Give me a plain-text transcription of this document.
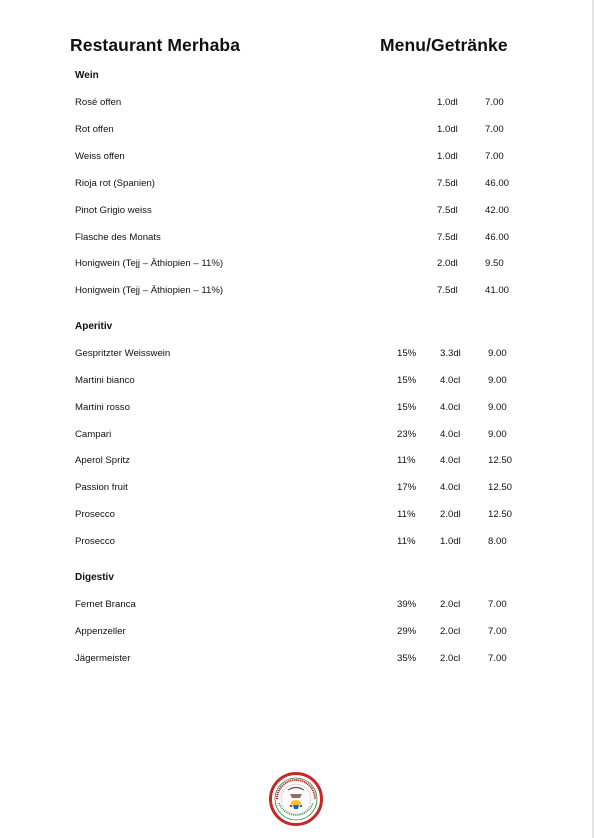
Restaurant Merhaba	Menu/Getränke
Wein
Rosé offen	1.0dl	7.00
Rot offen	1.0dl	7.00
Weiss offen	1.0dl	7.00
Rioja rot (Spanien)	7.5dl	46.00
Pinot Grigio weiss	7.5dl	42.00
Flasche des Monats	7.5dl	46.00
Honigwein (Tejj – Äthiopien – 11%)	2.0dl	9.50
Honigwein (Tejj – Äthiopien – 11%)	7.5dl	41.00
Aperitiv
Gespritzter Weisswein	15% 3.3dl	9.00
Martini bianco	15% 4.0cl	9.00
Martini rosso	15% 4.0cl	9.00
Campari	23% 4.0cl	9.00
Aperol Spritz	11%	4.0cl	12.50
Passion fruit	17% 4.0cl	12.50
Prosecco	11%	2.0dl	12.50
Prosecco	11%	1.0dl	8.00
Digestiv
Fernet Branca	39% 2.0cl	7.00
Appenzeller	29% 2.0cl	7.00
Jägermeister	35% 2.0cl	7.00
